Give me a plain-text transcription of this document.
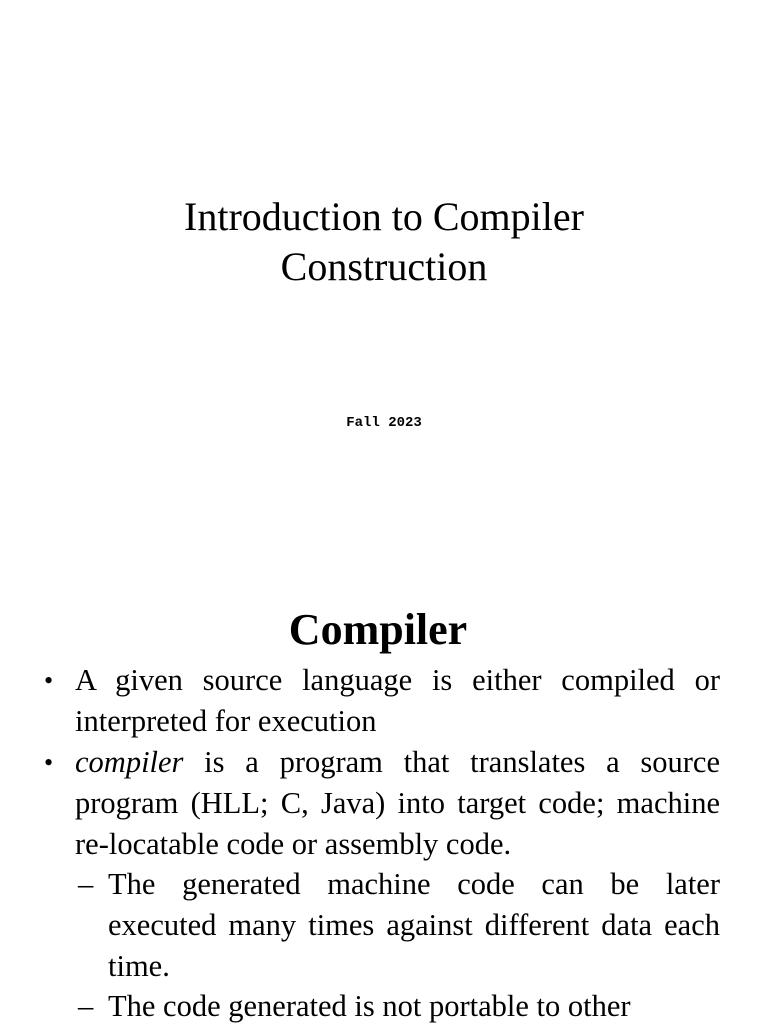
Introduction to Compiler
Construction
Fall 2023
Compiler
• A given source language is either compiled or interpreted for execution
• compiler is a program that translates a source program (HLL; C, Java) into target code; machine re-locatable code or assembly code.
– The generated machine code can be later executed many times against different data each time.
– The code generated is not portable to other
